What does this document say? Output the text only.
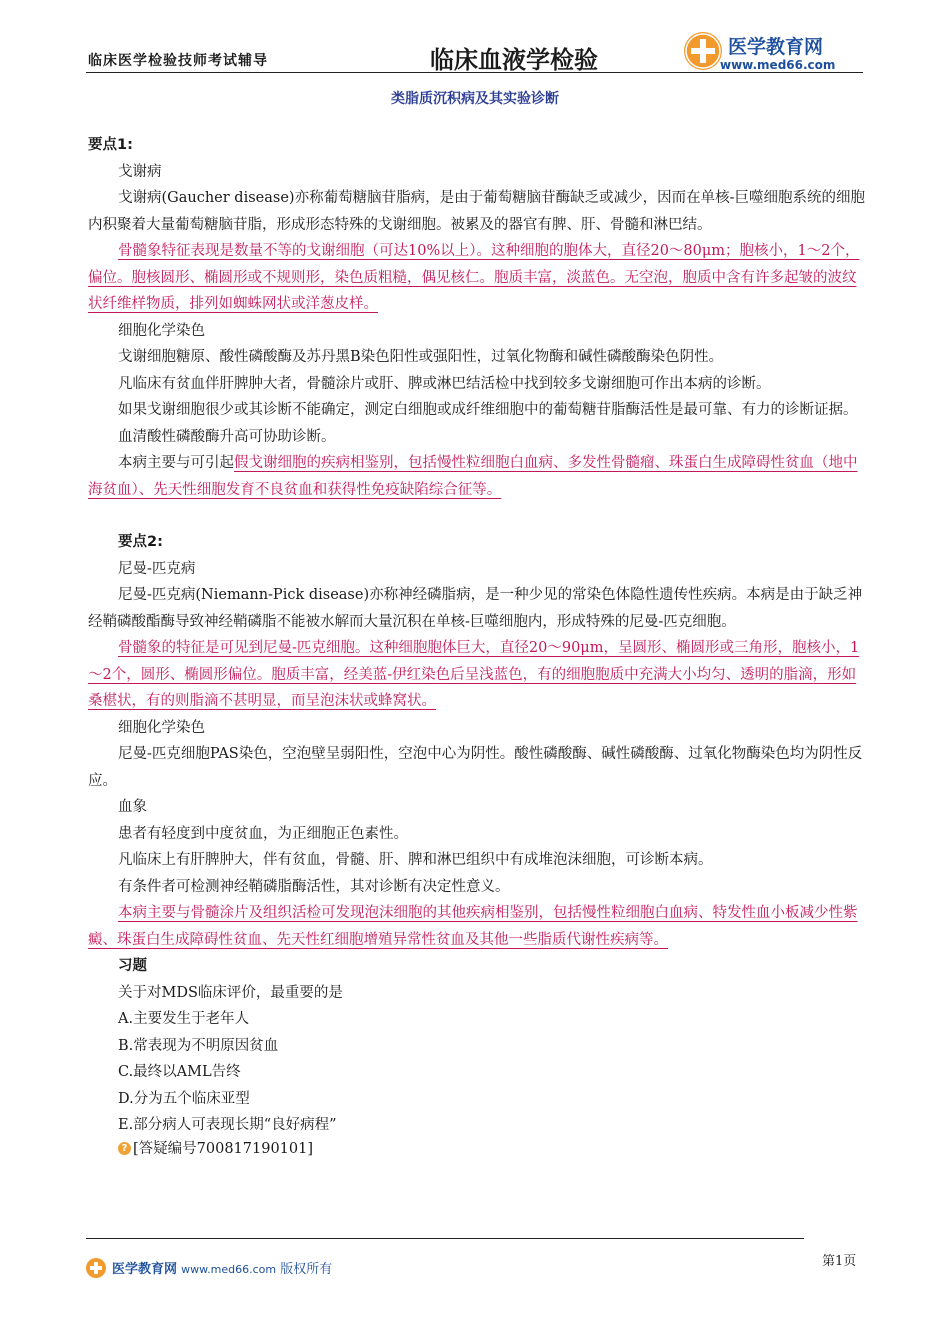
临床医学检验技师考试辅导	临床血液学检验	医学教育网
www.med66.com
类脂质沉积病及其实验诊断

要点1:

戈谢病

戈谢病(Gaucher disease)亦称葡萄糖脑苷脂病，是由于葡萄糖脑苷酶缺乏或减少，因而在单核-巨噬细胞系统的细胞内积聚着大量葡萄糖脑苷脂，形成形态特殊的戈谢细胞。被累及的器官有脾、肝、骨髓和淋巴结。

骨髓象特征表现是数量不等的戈谢细胞（可达10%以上）。这种细胞的胞体大，直径20～80μm；胞核小，1～2个，偏位。胞核圆形、椭圆形或不规则形，染色质粗糙，偶见核仁。胞质丰富，淡蓝色。无空泡，胞质中含有许多起皱的波纹状纤维样物质，排列如蜘蛛网状或洋葱皮样。

细胞化学染色

戈谢细胞糖原、酸性磷酸酶及苏丹黑B染色阳性或强阳性，过氧化物酶和碱性磷酸酶染色阴性。

凡临床有贫血伴肝脾肿大者，骨髓涂片或肝、脾或淋巴结活检中找到较多戈谢细胞可作出本病的诊断。

如果戈谢细胞很少或其诊断不能确定，测定白细胞或成纤维细胞中的葡萄糖苷脂酶活性是最可靠、有力的诊断证据。

血清酸性磷酸酶升高可协助诊断。

本病主要与可引起假戈谢细胞的疾病相鉴别，包括慢性粒细胞白血病、多发性骨髓瘤、珠蛋白生成障碍性贫血（地中海贫血）、先天性细胞发育不良贫血和获得性免疫缺陷综合征等。

要点2:

尼曼-匹克病

尼曼-匹克病(Niemann-Pick disease)亦称神经磷脂病，是一种少见的常染色体隐性遗传性疾病。本病是由于缺乏神经鞘磷酸酯酶导致神经鞘磷脂不能被水解而大量沉积在单核-巨噬细胞内，形成特殊的尼曼-匹克细胞。

骨髓象的特征是可见到尼曼-匹克细胞。这种细胞胞体巨大，直径20～90μm，呈圆形、椭圆形或三角形，胞核小，1～2个，圆形、椭圆形偏位。胞质丰富，经美蓝-伊红染色后呈浅蓝色，有的细胞胞质中充满大小均匀、透明的脂滴，形如桑椹状，有的则脂滴不甚明显，而呈泡沫状或蜂窝状。

细胞化学染色

尼曼-匹克细胞PAS染色，空泡壁呈弱阳性，空泡中心为阴性。酸性磷酸酶、碱性磷酸酶、过氧化物酶染色均为阴性反应。

血象

患者有轻度到中度贫血，为正细胞正色素性。

凡临床上有肝脾肿大，伴有贫血，骨髓、肝、脾和淋巴组织中有成堆泡沫细胞，可诊断本病。

有条件者可检测神经鞘磷脂酶活性，其对诊断有决定性意义。

本病主要与骨髓涂片及组织活检可发现泡沫细胞的其他疾病相鉴别，包括慢性粒细胞白血病、特发性血小板减少性紫癜、珠蛋白生成障碍性贫血、先天性红细胞增殖异常性贫血及其他一些脂质代谢性疾病等。

习题

关于对MDS临床评价，最重要的是

A.主要发生于老年人

B.常表现为不明原因贫血

C.最终以AML告终

D.分为五个临床亚型

E.部分病人可表现长期“良好病程”

? [答疑编号700817190101]
医学教育网 www.med66.com 版权所有
第1页
